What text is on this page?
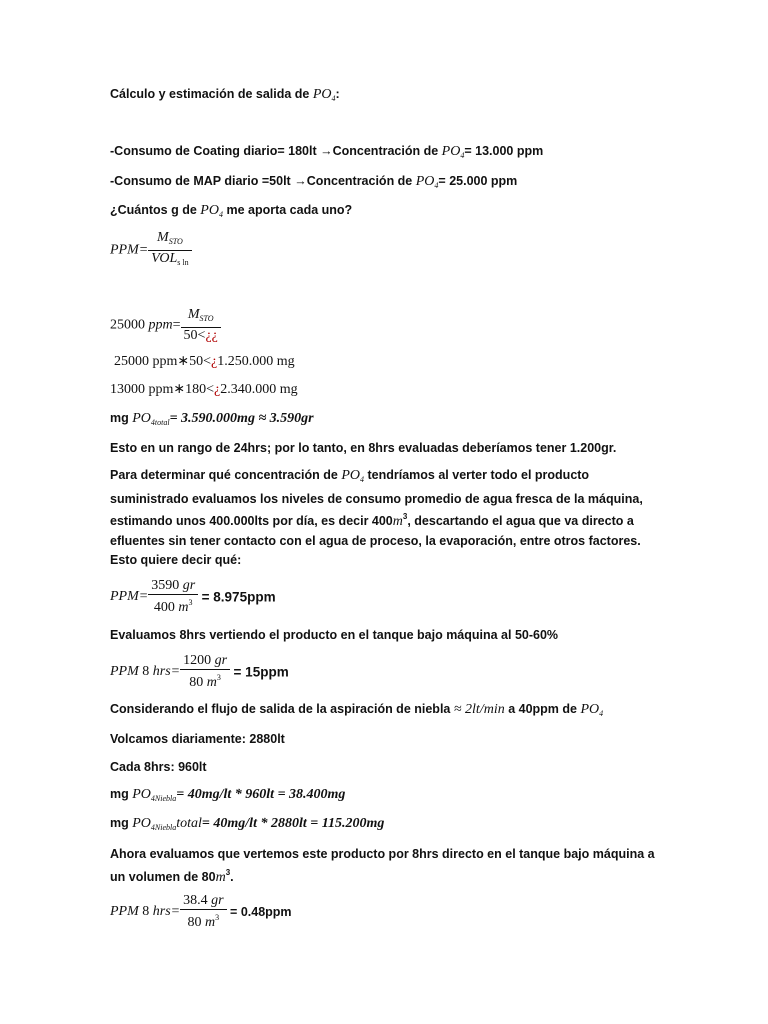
Cálculo y estimación de salida de $PO_4$:
-Consumo de Coating diario= 180lt →Concentración de $PO_4= 13.000$ ppm
-Consumo de MAP diario =50lt →Concentración de $PO_4= 25.000$ ppm
¿Cuántos g de $PO_4$ me aporta cada uno?
$PPM= \frac{M_{STO}}{VOL_{s ln}}$
25000 $ppm= \frac{M_{STO}}{50<¿¿}$
25000 ppm∗50<¿1.250.000 mg
13000 ppm∗180<¿2.340.000 mg
mg $PO_{4total}= 3.590.000mg \approx 3.590gr$
Esto en un rango de 24hrs; por lo tanto, en 8hrs evaluadas deberíamos tener 1.200gr.
Para determinar qué concentración de $PO_4$ tendríamos al verter todo el producto suministrado evaluamos los niveles de consumo promedio de agua fresca de la máquina, estimando unos 400.000lts por día, es decir $400m^3$, descartando el agua que va directo a efluentes sin tener contacto con el agua de proceso, la evaporación, entre otros factores.
Esto quiere decir qué:
$PPM= \frac{3590 gr}{400 m^3} = 8.975ppm$
Evaluamos 8hrs vertiendo el producto en el tanque bajo máquina al 50-60%
PPM 8 $hrs= \frac{1200 gr}{80 m^3} = 15ppm$
Considerando el flujo de salida de la aspiración de niebla ≈ 2lt/min a 40ppm de $PO_4$
Volcamos diariamente: 2880lt
Cada 8hrs: 960lt
mg $PO_{4Niebla}= 40mg/lt * 960lt = 38.400mg$
mg $PO_{4Niebla}total= 40mg/lt * 2880lt = 115.200mg$
Ahora evaluamos que vertemos este producto por 8hrs directo en el tanque bajo máquina a un volumen de $80m^3$.
PPM 8 $hrs= \frac{38.4 gr}{80 m^3} = 0.48ppm$
